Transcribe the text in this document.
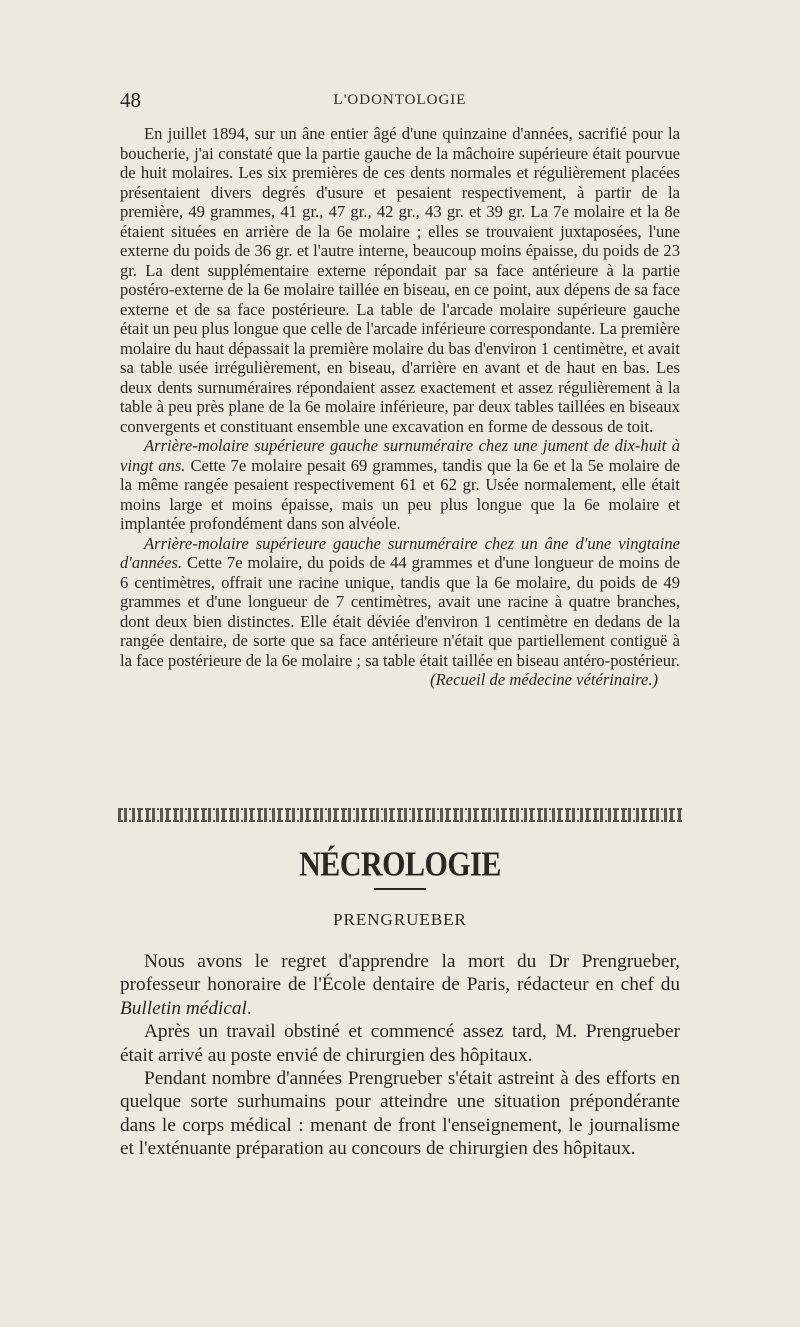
48	L'ODONTOLOGIE

En juillet 1894, sur un âne entier âgé d'une quinzaine d'années, sacrifié pour la boucherie, j'ai constaté que la partie gauche de la mâchoire supérieure était pourvue de huit molaires. Les six premières de ces dents normales et régulièrement placées présentaient divers degrés d'usure et pesaient respectivement, à partir de la première, 49 grammes, 41 gr., 47 gr., 42 gr., 43 gr. et 39 gr. La 7e molaire et la 8e étaient situées en arrière de la 6e molaire ; elles se trouvaient juxtaposées, l'une externe du poids de 36 gr. et l'autre interne, beaucoup moins épaisse, du poids de 23 gr. La dent supplémentaire externe répondait par sa face antérieure à la partie postéro-externe de la 6e molaire taillée en biseau, en ce point, aux dépens de sa face externe et de sa face postérieure. La table de l'arcade molaire supérieure gauche était un peu plus longue que celle de l'arcade inférieure correspondante. La première molaire du haut dépassait la première molaire du bas d'environ 1 centimètre, et avait sa table usée irrégulièrement, en biseau, d'arrière en avant et de haut en bas. Les deux dents surnuméraires répondaient assez exactement et assez régulièrement à la table à peu près plane de la 6e molaire inférieure, par deux tables taillées en biseaux convergents et constituant ensemble une excavation en forme de dessous de toit.

Arrière-molaire supérieure gauche surnuméraire chez une jument de dix-huit à vingt ans. Cette 7e molaire pesait 69 grammes, tandis que la 6e et la 5e molaire de la même rangée pesaient respectivement 61 et 62 gr. Usée normalement, elle était moins large et moins épaisse, mais un peu plus longue que la 6e molaire et implantée profondément dans son alvéole.

Arrière-molaire supérieure gauche surnuméraire chez un âne d'une vingtaine d'années. Cette 7e molaire, du poids de 44 grammes et d'une longueur de moins de 6 centimètres, offrait une racine unique, tandis que la 6e molaire, du poids de 49 grammes et d'une longueur de 7 centimètres, avait une racine à quatre branches, dont deux bien distinctes. Elle était déviée d'environ 1 centimètre en dedans de la rangée dentaire, de sorte que sa face antérieure n'était que partiellement contiguë à la face postérieure de la 6e molaire ; sa table était taillée en biseau antéro-postérieur.

(Recueil de médecine vétérinaire.)

NÉCROLOGIE
PRENGRUEBER

Nous avons le regret d'apprendre la mort du Dr Prengrueber, professeur honoraire de l'École dentaire de Paris, rédacteur en chef du Bulletin médical.

Après un travail obstiné et commencé assez tard, M. Prengrueber était arrivé au poste envié de chirurgien des hôpitaux.

Pendant nombre d'années Prengrueber s'était astreint à des efforts en quelque sorte surhumains pour atteindre une situation prépondérante dans le corps médical : menant de front l'enseignement, le journalisme et l'exténuante préparation au concours de chirurgien des hôpitaux.
